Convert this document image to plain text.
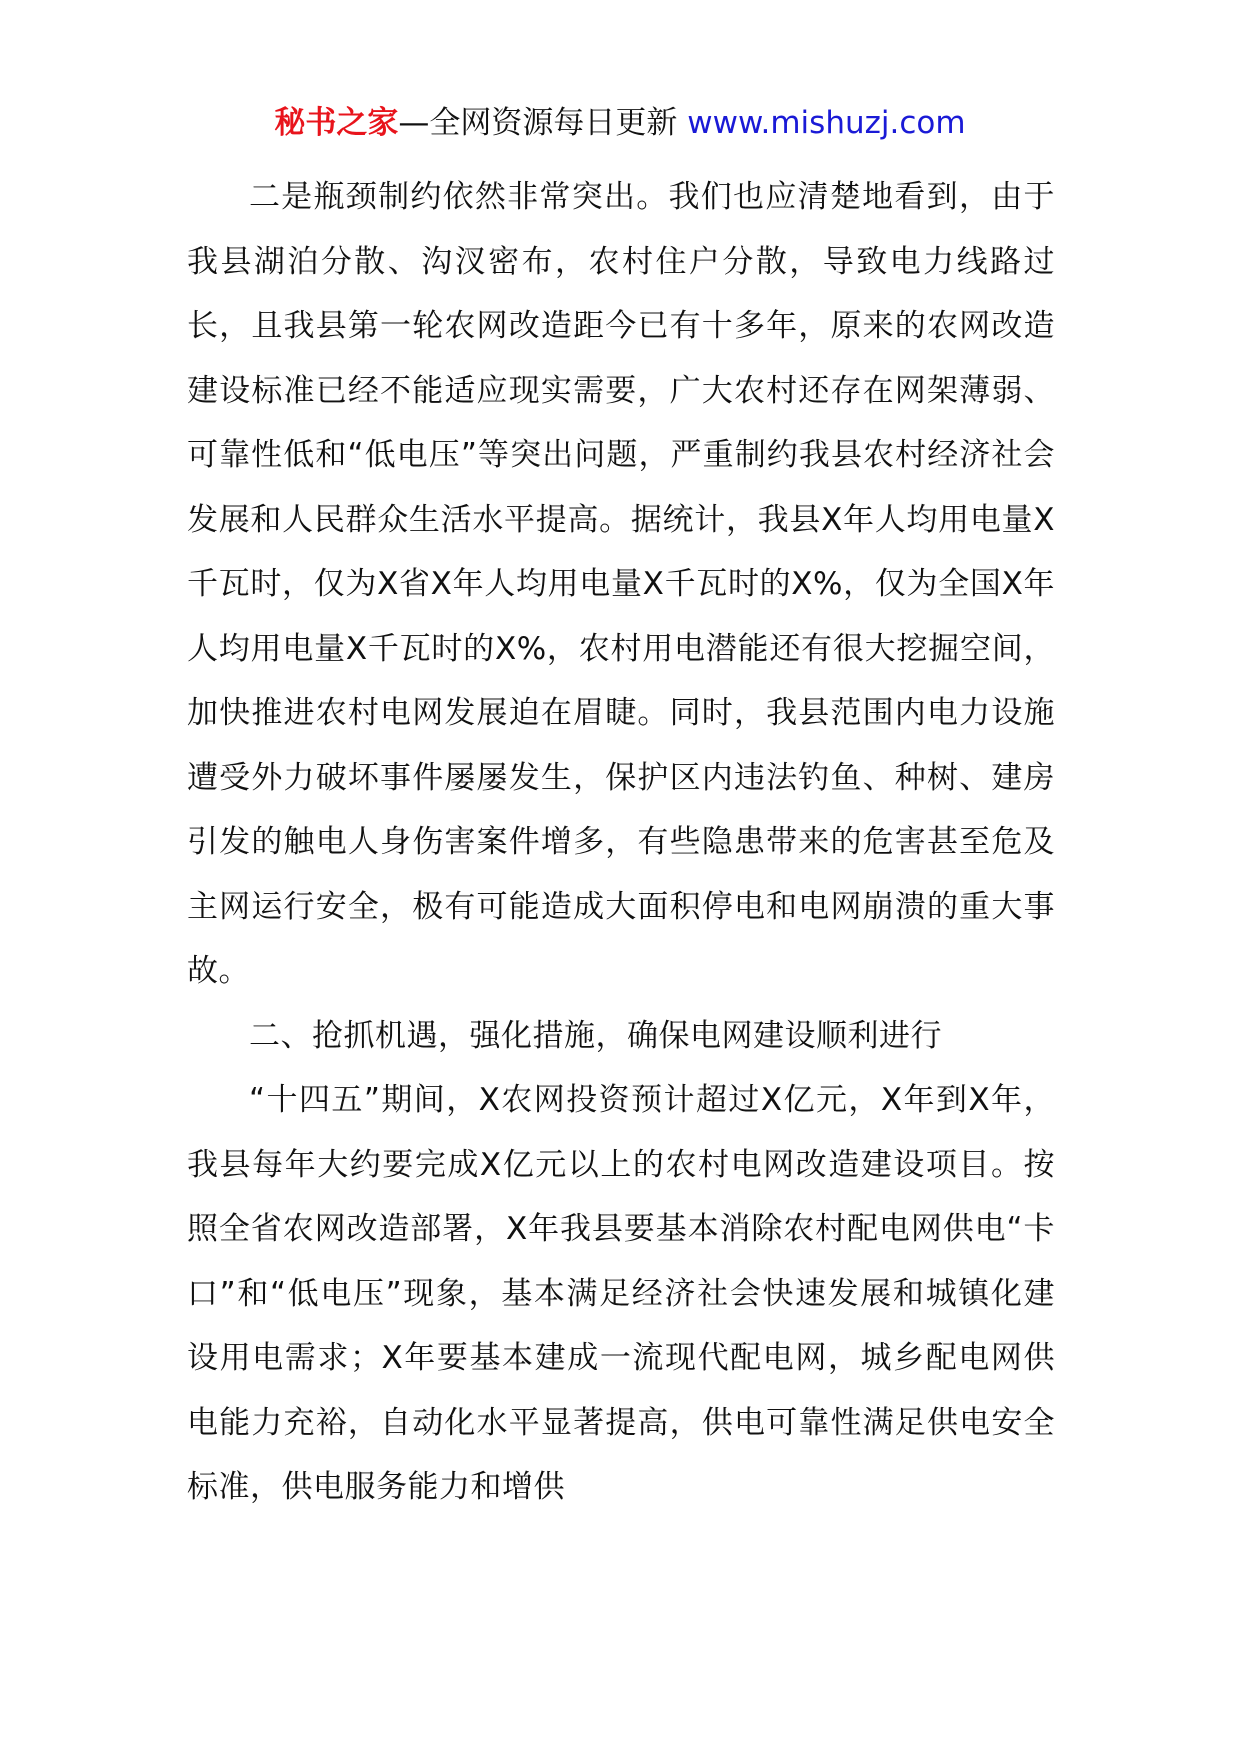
秘书之家—全网资源每日更新 www.mishuzj.com

二是瓶颈制约依然非常突出。我们也应清楚地看到，由于我县湖泊分散、沟汊密布，农村住户分散，导致电力线路过长，且我县第一轮农网改造距今已有十多年，原来的农网改造建设标准已经不能适应现实需要，广大农村还存在网架薄弱、可靠性低和“低电压”等突出问题，严重制约我县农村经济社会发展和人民群众生活水平提高。据统计，我县X年人均用电量X千瓦时，仅为X省X年人均用电量X千瓦时的X%，仅为全国X年人均用电量X千瓦时的X%，农村用电潜能还有很大挖掘空间，加快推进农村电网发展迫在眉睫。同时，我县范围内电力设施遭受外力破坏事件屡屡发生，保护区内违法钓鱼、种树、建房引发的触电人身伤害案件增多，有些隐患带来的危害甚至危及主网运行安全，极有可能造成大面积停电和电网崩溃的重大事故。

二、抢抓机遇，强化措施，确保电网建设顺利进行

“十四五”期间，X农网投资预计超过X亿元，X年到X年，我县每年大约要完成X亿元以上的农村电网改造建设项目。按照全省农网改造部署，X年我县要基本消除农村配电网供电“卡口”和“低电压”现象，基本满足经济社会快速发展和城镇化建设用电需求；X年要基本建成一流现代配电网，城乡配电网供电能力充裕，自动化水平显著提高，供电可靠性满足供电安全标准，供电服务能力和增供
